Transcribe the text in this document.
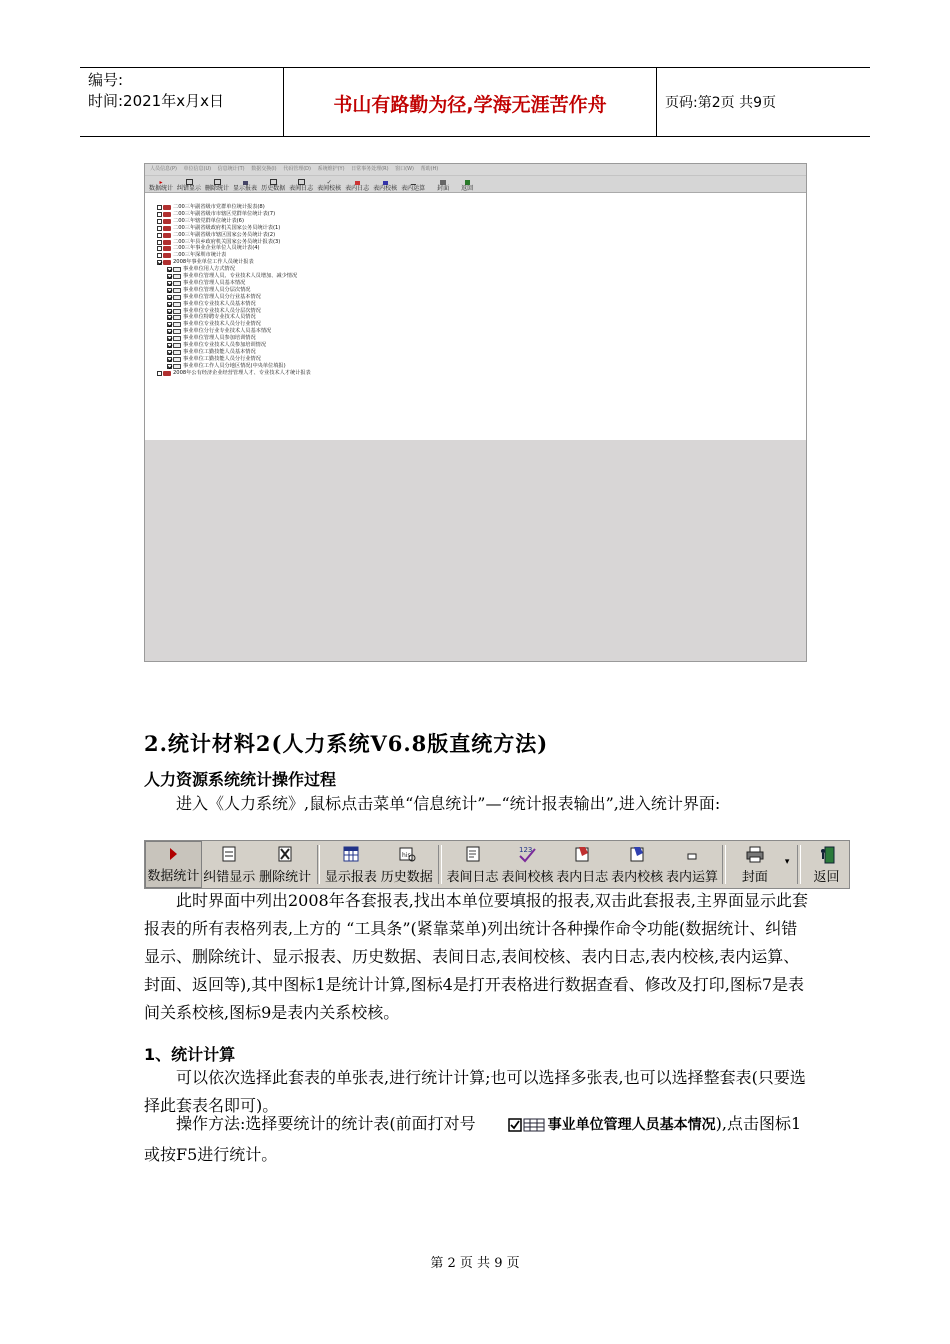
编号:
时间:2021年x月x日	书山有路勤为径,学海无涯苦作舟	页码:第2页 共9页
人员信息(P) 单位信息(U) 信息统计(T) 数据交换(I) 代码管理(D) 系统维护(Y) 日常事务处理(R) 窗口(W) 帮助(H)
▸
数据统计 纠错显示 删除统计 显示报表 历史数据 表间日志
✓
表间校核 表内日志 表内校核 表内运算 封面 返回
二00三年副省级市党群单位统计报表(8)
二00三年副省级市市辖区党群单位统计表(7)
二00三年辖党群单位统计表(6)
二00三年副省级政府机关国家公务员统计表(1)
二00三年副省级市辖区国家公务员统计表(2)
二00三年县乡政府机关国家公务员统计报表(3)
二00三年事业企业单位人员统计表(4)
二00三年深圳市统计表
2008年事业单位工作人员统计报表
事业单位用人方式情况
事业单位管理人员、专业技术人员增加、减少情况
事业单位管理人员基本情况
事业单位管理人员分层次情况
事业单位管理人员分行业基本情况
事业单位专业技术人员基本情况
事业单位专业技术人员分层次情况
事业单位特聘专业技术人员情况
事业单位专业技术人员分行业情况
事业单位分行业专业技术人员基本情况
事业单位管理人员参加培训情况
事业单位专业技术人员参加培训情况
事业单位工勤技能人员基本情况
事业单位工勤技能人员分行业情况
事业单位工作人员分地区情况(中央单位填报)
2008年公有经济企业经营管理人才、专业技术人才统计报表
2.统计材料2(人力系统V6.8版直统方法)
人力资源系统统计操作过程
进入《人力系统》,鼠标点击菜单“信息统计”—“统计报表输出”,进入统计界面:
数据统计 纠错显示 删除统计 显示报表
his
历史数据 表间日志
123
表间校核 表内日志 表内校核 表内运算	封面
▾
返回
此时界面中列出2008年各套报表,找出本单位要填报的报表,双击此套报表,主界面显示此套报表的所有表格列表,上方的 “工具条”(紧靠菜单)列出统计各种操作命令功能(数据统计、纠错显示、删除统计、显示报表、历史数据、表间日志,表间校核、表内日志,表内校核,表内运算、封面、返回等),其中图标1是统计计算,图标4是打开表格进行数据查看、修改及打印,图标7是表间关系校核,图标9是表内关系校核。
1、统计计算
可以依次选择此套表的单张表,进行统计计算;也可以选择多张表,也可以选择整套表(只要选择此套表名即可)。
操作方法:选择要统计的统计表(前面打对号	事业单位管理人员基本情况),点击图标1或按F5进行统计。
第 2 页 共 9 页
